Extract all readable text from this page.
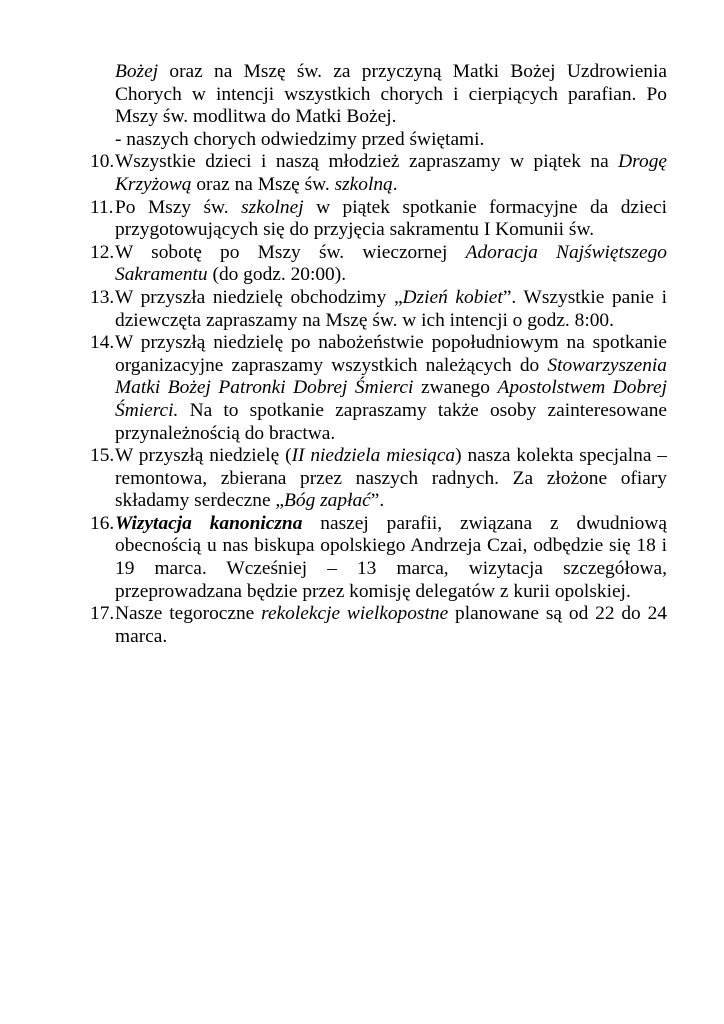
Bożej oraz na Mszę św. za przyczyną Matki Bożej Uzdrowienia Chorych w intencji wszystkich chorych i cierpiących parafian. Po Mszy św. modlitwa do Matki Bożej.
- naszych chorych odwiedzimy przed świętami.
10. Wszystkie dzieci i naszą młodzież zapraszamy w piątek na Drogę Krzyżową oraz na Mszę św. szkolną.
11. Po Mszy św. szkolnej w piątek spotkanie formacyjne da dzieci przygotowujących się do przyjęcia sakramentu I Komunii św.
12. W sobotę po Mszy św. wieczornej Adoracja Najświętszego Sakramentu (do godz. 20:00).
13. W przyszła niedzielę obchodzimy „Dzień kobiet”. Wszystkie panie i dziewczęta zapraszamy na Mszę św. w ich intencji o godz. 8:00.
14. W przyszłą niedzielę po nabożeństwie popołudniowym na spotkanie organizacyjne zapraszamy wszystkich należących do Stowarzyszenia Matki Bożej Patronki Dobrej Śmierci zwanego Apostolstwem Dobrej Śmierci. Na to spotkanie zapraszamy także osoby zainteresowane przynależnością do bractwa.
15. W przyszłą niedzielę (II niedziela miesiąca) nasza kolekta specjalna – remontowa, zbierana przez naszych radnych. Za złożone ofiary składamy serdeczne „Bóg zapłać”.
16. Wizytacja kanoniczna naszej parafii, związana z dwudniową obecnością u nas biskupa opolskiego Andrzeja Czai, odbędzie się 18 i 19 marca. Wcześniej – 13 marca, wizytacja szczegółowa, przeprowadzana będzie przez komisję delegatów z kurii opolskiej.
17. Nasze tegoroczne rekolekcje wielkopostne planowane są od 22 do 24 marca.
